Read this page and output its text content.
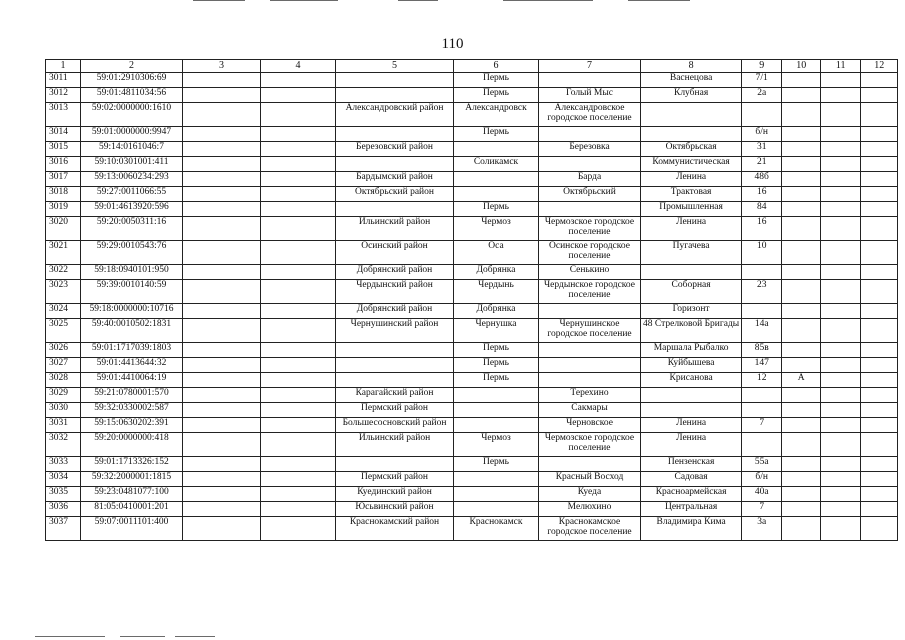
110
1	2	3	4	5	6	7	8	9	10	11	12
3011	59:01:2910306:69				Пермь		Васнецова	7/1			
3012	59:01:4811034:56				Пермь	Голый Мыс	Клубная	2а			
3013	59:02:0000000:1610			Александровский район	Александровск	Александровское городское поселение					
3014	59:01:0000000:9947				Пермь			б/н			
3015	59:14:0161046:7			Березовский район		Березовка	Октябрьская	31			
3016	59:10:0301001:411				Соликамск		Коммунистическая	21			
3017	59:13:0060234:293			Бардымский район		Барда	Ленина	48б			
3018	59:27:0011066:55			Октябрьский район		Октябрьский	Трактовая	16			
3019	59:01:4613920:596				Пермь		Промышленная	84			
3020	59:20:0050311:16			Ильинский район	Чермоз	Чермозское городское поселение	Ленина	16			
3021	59:29:0010543:76			Осинский район	Оса	Осинское городское поселение	Пугачева	10			
3022	59:18:0940101:950			Добрянский район	Добрянка	Сенькино					
3023	59:39:0010140:59			Чердынский район	Чердынь	Чердынское городское поселение	Соборная	23			
3024	59:18:0000000:10716			Добрянский район	Добрянка		Горизонт				
3025	59:40:0010502:1831			Чернушинский район	Чернушка	Чернушинское городское поселение	48 Стрелковой Бригады	14а			
3026	59:01:1717039:1803				Пермь		Маршала Рыбалко	85в			
3027	59:01:4413644:32				Пермь		Куйбышева	147			
3028	59:01:4410064:19				Пермь		Крисанова	12	А		
3029	59:21:0780001:570			Карагайский район		Терехино					
3030	59:32:0330002:587			Пермский район		Сакмары					
3031	59:15:0630202:391			Большесосновский район		Черновское	Ленина	7			
3032	59:20:0000000:418			Ильинский район	Чермоз	Чермозское городское поселение	Ленина				
3033	59:01:1713326:152				Пермь		Пензенская	55а			
3034	59:32:2000001:1815			Пермский район		Красный Восход	Садовая	б/н			
3035	59:23:0481077:100			Куединский район		Куеда	Красноармейская	40а			
3036	81:05:0410001:201			Юсьвинский район		Мелюхино	Центральная	7			
3037	59:07:0011101:400			Краснокамский район	Краснокамск	Краснокамское городское поселение	Владимира Кима	3а			
